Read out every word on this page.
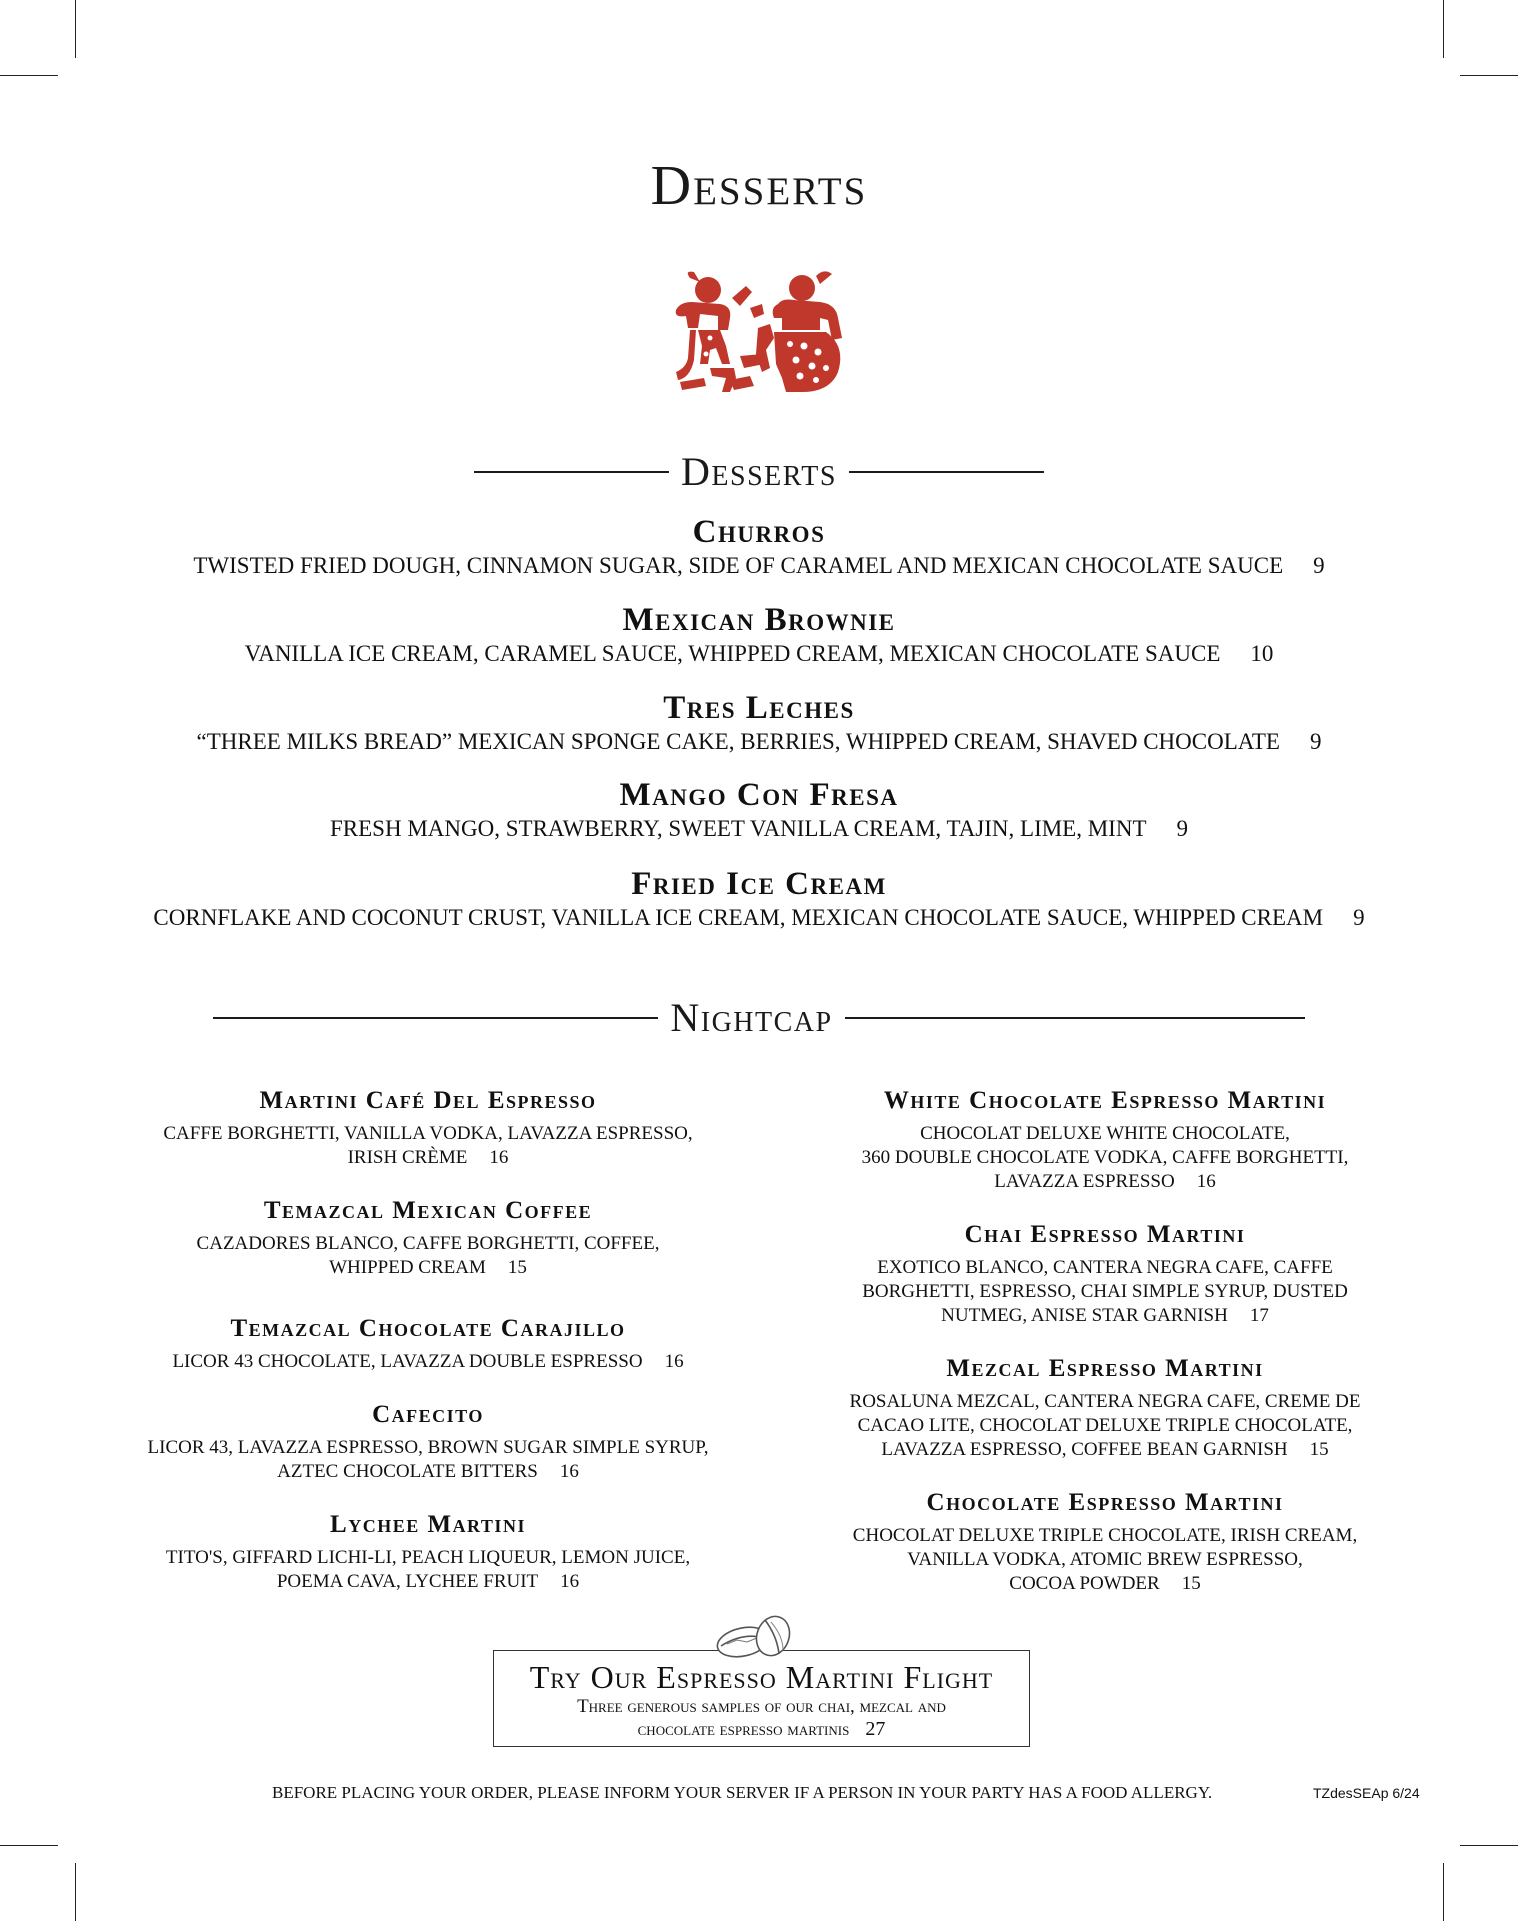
Desserts
Desserts
Churros
TWISTED FRIED DOUGH, CINNAMON SUGAR, SIDE OF CARAMEL AND MEXICAN CHOCOLATE SAUCE 9
Mexican Brownie
VANILLA ICE CREAM, CARAMEL SAUCE, WHIPPED CREAM, MEXICAN CHOCOLATE SAUCE 10
Tres Leches
“THREE MILKS BREAD” MEXICAN SPONGE CAKE, BERRIES, WHIPPED CREAM, SHAVED CHOCOLATE 9
Mango Con Fresa
FRESH MANGO, STRAWBERRY, SWEET VANILLA CREAM, TAJIN, LIME, MINT 9
Fried Ice Cream
CORNFLAKE AND COCONUT CRUST, VANILLA ICE CREAM, MEXICAN CHOCOLATE SAUCE, WHIPPED CREAM 9
Nightcap
Martini Café Del Espresso
CAFFE BORGHETTI, VANILLA VODKA, LAVAZZA ESPRESSO,
IRISH CRÈME 16
Temazcal Mexican Coffee
CAZADORES BLANCO, CAFFE BORGHETTI, COFFEE,
WHIPPED CREAM 15
Temazcal Chocolate Carajillo
LICOR 43 CHOCOLATE, LAVAZZA DOUBLE ESPRESSO 16
Cafecito
LICOR 43, LAVAZZA ESPRESSO, BROWN SUGAR SIMPLE SYRUP,
AZTEC CHOCOLATE BITTERS 16
Lychee Martini
TITO'S, GIFFARD LICHI-LI, PEACH LIQUEUR, LEMON JUICE,
POEMA CAVA, LYCHEE FRUIT 16
White Chocolate Espresso Martini
CHOCOLAT DELUXE WHITE CHOCOLATE,
360 DOUBLE CHOCOLATE VODKA, CAFFE BORGHETTI,
LAVAZZA ESPRESSO 16
Chai Espresso Martini
EXOTICO BLANCO, CANTERA NEGRA CAFE, CAFFE
BORGHETTI, ESPRESSO, CHAI SIMPLE SYRUP, DUSTED
NUTMEG, ANISE STAR GARNISH 17
Mezcal Espresso Martini
ROSALUNA MEZCAL, CANTERA NEGRA CAFE, CREME DE
CACAO LITE, CHOCOLAT DELUXE TRIPLE CHOCOLATE,
LAVAZZA ESPRESSO, COFFEE BEAN GARNISH 15
Chocolate Espresso Martini
CHOCOLAT DELUXE TRIPLE CHOCOLATE, IRISH CREAM,
VANILLA VODKA, ATOMIC BREW ESPRESSO,
COCOA POWDER 15
Try Our Espresso Martini Flight
Three generous samples of our chai, mezcal and
chocolate espresso martinis 27
BEFORE PLACING YOUR ORDER, PLEASE INFORM YOUR SERVER IF A PERSON IN YOUR PARTY HAS A FOOD ALLERGY.	TZdesSEAp 6/24
